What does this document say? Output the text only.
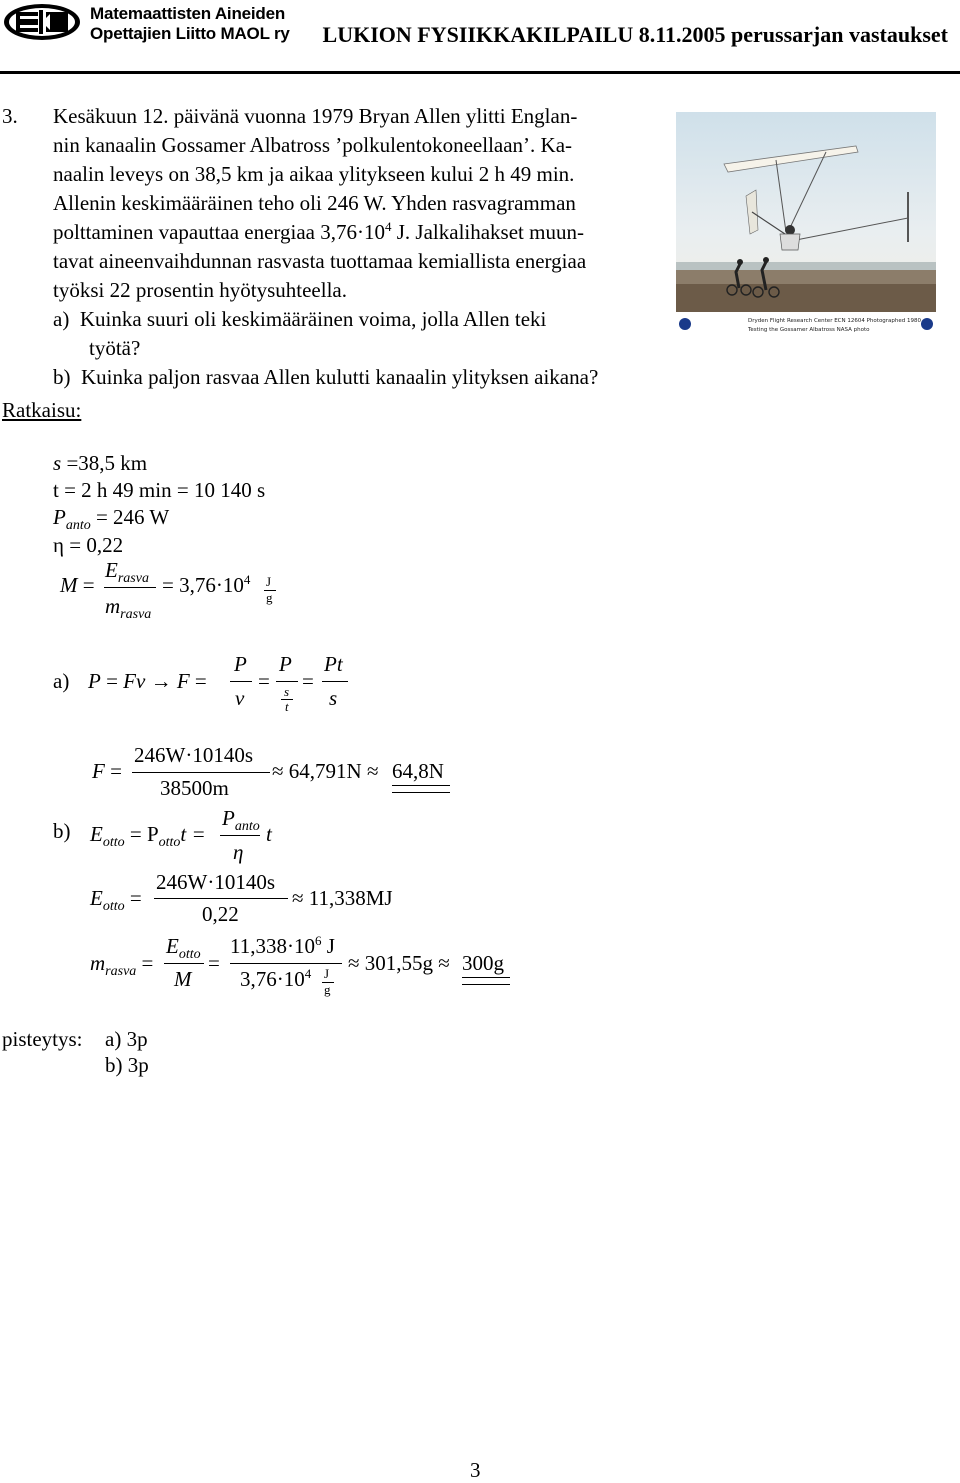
Matemaattisten Aineiden
Opettajien Liitto MAOL ry LUKION FYSIIKKAKILPAILU 8.11.2005 perussarjan vastaukset
3. Kesäkuun 12. päivänä vuonna 1979 Bryan Allen ylitti Englan-
nin kanaalin Gossamer Albatross ’polkulentokoneellaan’. Ka-
naalin leveys on 38,5 km ja aikaa ylitykseen kului 2 h 49 min.
Allenin keskimääräinen teho oli 246 W. Yhden rasvagramman
polttaminen vapauttaa energiaa $3,76\cdot 10^4$ J. Jalkalihakset muun-
tavat aineenvaihdunnan rasvasta tuottamaa kemiallista energiaa
työksi 22 prosentin hyötysuhteella.
a)  Kuinka suuri oli keskimääräinen voima, jolla Allen teki
työtä?
b)  Kuinka paljon rasvaa Allen kulutti kanaalin ylityksen aikana?
Dryden Flight Research Center ECN 12604 Photographed 1980
Testing the Gossamer Albatross NASA photo
Ratkaisu:
s =38,5 km
t = 2 h 49 min = 10 140 s
$P_{anto} = 246$ W
η = 0,22
M =
$E_{rasva}$
$m_{rasva}$
= $3,76\cdot 10^4$ J
g
a) P = Fv → F =
P
v
=
P
s
t
=
Pt
s
F =
246W·10140s
38500m
≈ 64,791N ≈ 64,8N
b) $E_{otto} = P_{otto}t$ =
$P_{anto}$
η
t
$E_{otto}$ =
246W·10140s
0,22
≈ 11,338MJ
$m_{rasva}$ =
$E_{otto}$
M
=
$11,338\cdot 10^6$ J
$3,76\cdot 10^4$ J
g
≈ 301,55g ≈ 300g
pisteytys: a) 3p
b) 3p
3
